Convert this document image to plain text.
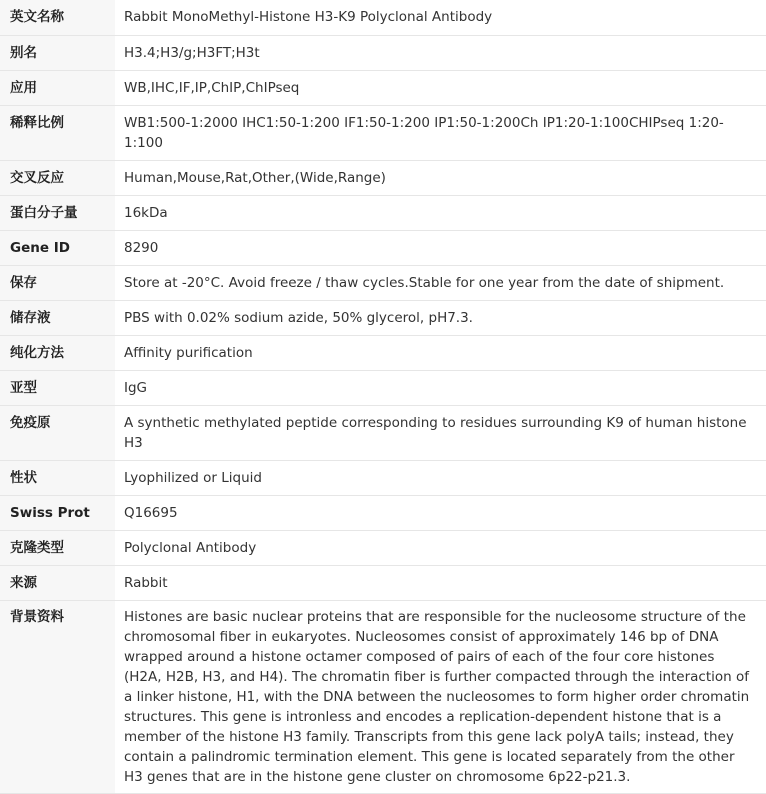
英文名称	Rabbit MonoMethyl-Histone H3-K9 Polyclonal Antibody
别名	H3.4;H3/g;H3FT;H3t
应用	WB,IHC,IF,IP,ChIP,ChIPseq
稀释比例	WB1:500-1:2000 IHC1:50-1:200 IF1:50-1:200 IP1:50-1:200Ch IP1:20-1:100CHIPseq 1:20-1:100
交叉反应	Human,Mouse,Rat,Other,(Wide,Range)
蛋白分子量	16kDa
Gene ID	8290
保存	Store at -20°C. Avoid freeze / thaw cycles.Stable for one year from the date of shipment.
储存液	PBS with 0.02% sodium azide, 50% glycerol, pH7.3.
纯化方法	Affinity purification
亚型	IgG
免疫原	A synthetic methylated peptide corresponding to residues surrounding K9 of human histone H3
性状	Lyophilized or Liquid
Swiss Prot	Q16695
克隆类型	Polyclonal Antibody
来源	Rabbit
背景资料	Histones are basic nuclear proteins that are responsible for the nucleosome structure of the chromosomal fiber in eukaryotes. Nucleosomes consist of approximately 146 bp of DNA wrapped around a histone octamer composed of pairs of each of the four core histones (H2A, H2B, H3, and H4). The chromatin fiber is further compacted through the interaction of a linker histone, H1, with the DNA between the nucleosomes to form higher order chromatin structures. This gene is intronless and encodes a replication-dependent histone that is a member of the histone H3 family. Transcripts from this gene lack polyA tails; instead, they contain a palindromic termination element. This gene is located separately from the other H3 genes that are in the histone gene cluster on chromosome 6p22-p21.3.
